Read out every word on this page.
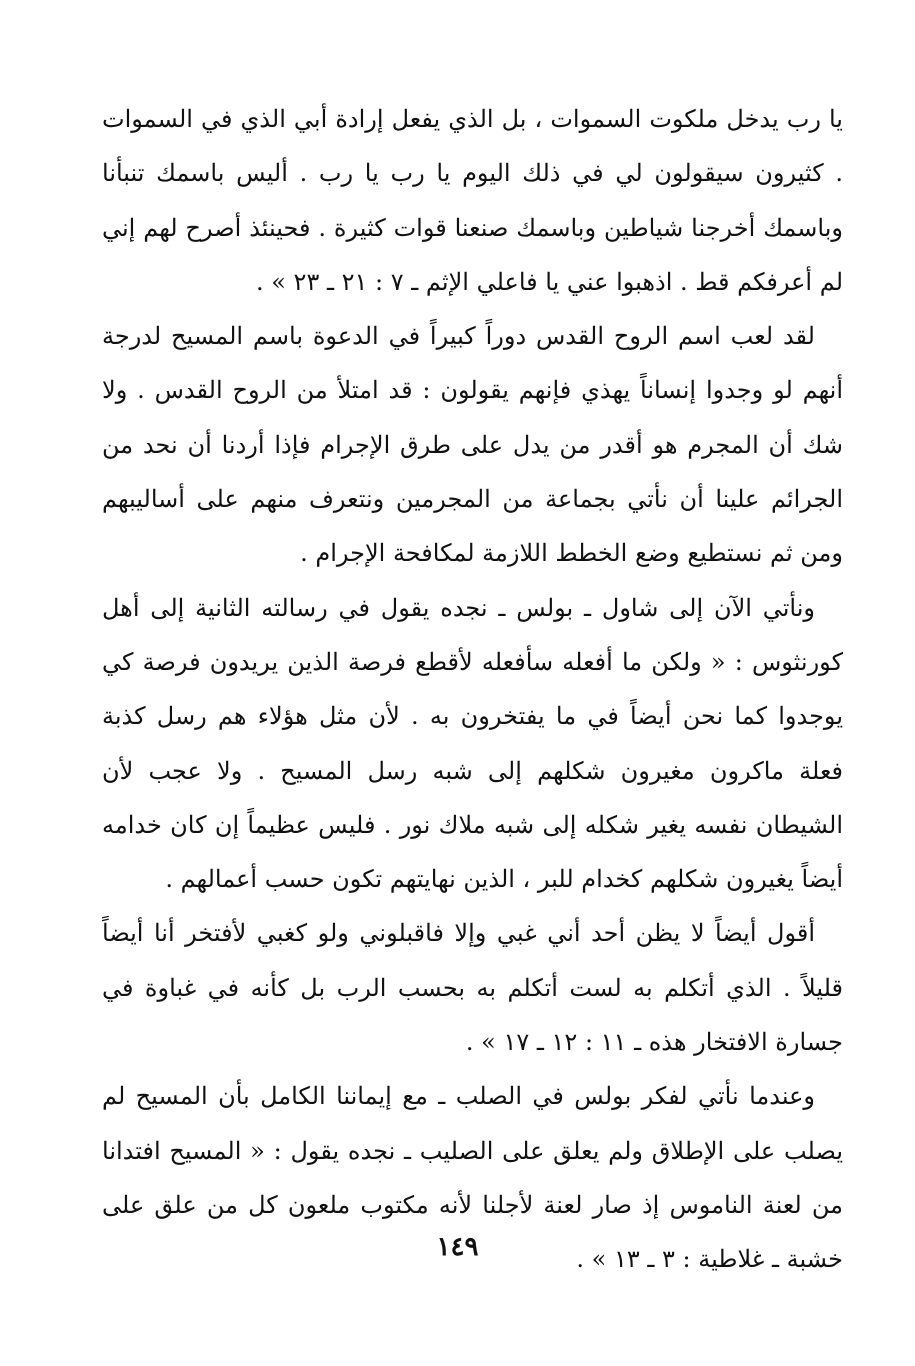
يا رب يدخل ملكوت السموات ، بل الذي يفعل إرادة أبي الذي في السموات . كثيرون سيقولون لي في ذلك اليوم يا رب يا رب . أليس باسمك تنبأنا وباسمك أخرجنا شياطين وباسمك صنعنا قوات كثيرة . فحينئذ أصرح لهم إني لم أعرفكم قط . اذهبوا عني يا فاعلي الإثم ـ ٧ : ٢١ ـ ٢٣ » .

لقد لعب اسم الروح القدس دوراً كبيراً في الدعوة باسم المسيح لدرجة أنهم لو وجدوا إنساناً يهذي فإنهم يقولون : قد امتلأ من الروح القدس . ولا شك أن المجرم هو أقدر من يدل على طرق الإجرام فإذا أردنا أن نحد من الجرائم علينا أن نأتي بجماعة من المجرمين ونتعرف منهم على أساليبهم ومن ثم نستطيع وضع الخطط اللازمة لمكافحة الإجرام .

ونأتي الآن إلى شاول ـ بولس ـ نجده يقول في رسالته الثانية إلى أهل كورنثوس : « ولكن ما أفعله سأفعله لأقطع فرصة الذين يريدون فرصة كي يوجدوا كما نحن أيضاً في ما يفتخرون به . لأن مثل هؤلاء هم رسل كذبة فعلة ماكرون مغيرون شكلهم إلى شبه رسل المسيح . ولا عجب لأن الشيطان نفسه يغير شكله إلى شبه ملاك نور . فليس عظيماً إن كان خدامه أيضاً يغيرون شكلهم كخدام للبر ، الذين نهايتهم تكون حسب أعمالهم .

أقول أيضاً لا يظن أحد أني غبي وإلا فاقبلوني ولو كغبي لأفتخر أنا أيضاً قليلاً . الذي أتكلم به لست أتكلم به بحسب الرب بل كأنه في غباوة في جسارة الافتخار هذه ـ ١١ : ١٢ ـ ١٧ » .

وعندما نأتي لفكر بولس في الصلب ـ مع إيماننا الكامل بأن المسيح لم يصلب على الإطلاق ولم يعلق على الصليب ـ نجده يقول : « المسيح افتدانا من لعنة الناموس إذ صار لعنة لأجلنا لأنه مكتوب ملعون كل من علق على خشبة ـ غلاطية : ٣ ـ ١٣ » .

١٤٩
